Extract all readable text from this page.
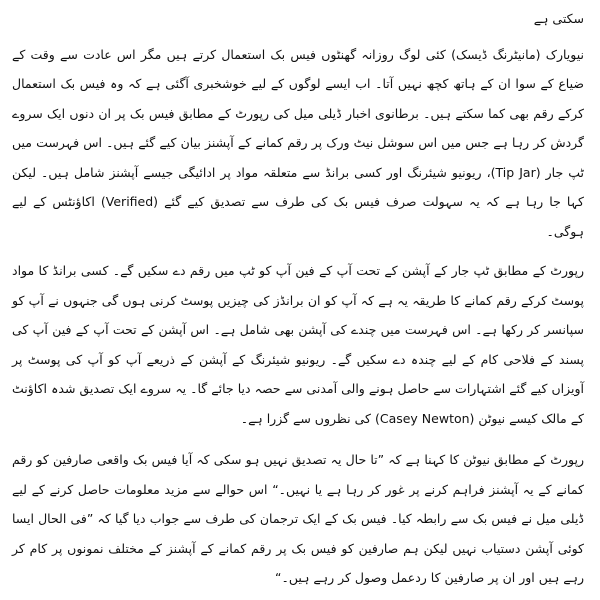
سکتی ہے

نیویارک (مانیٹرنگ ڈیسک) کئی لوگ روزانہ گھنٹوں فیس بک استعمال کرتے ہیں مگر اس عادت سے وقت کے ضیاع کے سوا ان کے ہاتھ کچھ نہیں آتا۔ اب ایسے لوگوں کے لیے خوشخبری آگئی ہے کہ وہ فیس بک استعمال کرکے رقم بھی کما سکتے ہیں۔ برطانوی اخبار ڈیلی میل کی رپورٹ کے مطابق فیس بک پر ان دنوں ایک سروے گردش کر رہا ہے جس میں اس سوشل نیٹ ورک پر رقم کمانے کے آپشنز بیان کیے گئے ہیں۔ اس فہرست میں ٹپ جار (Tip Jar)، ریونیو شیئرنگ اور کسی برانڈ سے متعلقہ مواد پر ادائیگی جیسے آپشنز شامل ہیں۔ لیکن کہا جا رہا ہے کہ یہ سہولت صرف فیس بک کی طرف سے تصدیق کیے گئے (Verified) اکاؤنٹس کے لیے ہوگی۔

رپورٹ کے مطابق ٹپ جار کے آپشن کے تحت آپ کے فین آپ کو ٹپ میں رقم دے سکیں گے۔ کسی برانڈ کا مواد پوسٹ کرکے رقم کمانے کا طریقہ یہ ہے کہ آپ کو ان برانڈز کی چیزیں پوسٹ کرنی ہوں گی جنہوں نے آپ کو سپانسر کر رکھا ہے۔ اس فہرست میں چندے کی آپشن بھی شامل ہے۔ اس آپشن کے تحت آپ کے فین آپ کی پسند کے فلاحی کام کے لیے چندہ دے سکیں گے۔ ریونیو شیئرنگ کے آپشن کے ذریعے آپ کو آپ کی پوسٹ پر آویزاں کیے گئے اشتہارات سے حاصل ہونے والی آمدنی سے حصہ دیا جائے گا۔ یہ سروے ایک تصدیق شدہ اکاؤنٹ کے مالک کیسے نیوٹن (Casey Newton) کی نظروں سے گزرا ہے۔

رپورٹ کے مطابق نیوٹن کا کہنا ہے کہ ”تا حال یہ تصدیق نہیں ہو سکی کہ آیا فیس بک واقعی صارفین کو رقم کمانے کے یہ آپشنز فراہم کرنے پر غور کر رہا ہے یا نہیں۔“ اس حوالے سے مزید معلومات حاصل کرنے کے لیے ڈیلی میل نے فیس بک سے رابطہ کیا۔ فیس بک کے ایک ترجمان کی طرف سے جواب دیا گیا کہ ”فی الحال ایسا کوئی آپشن دستیاب نہیں لیکن ہم صارفین کو فیس بک پر رقم کمانے کے آپشنز کے مختلف نمونوں پر کام کر رہے ہیں اور ان پر صارفین کا ردعمل وصول کر رہے ہیں۔“
